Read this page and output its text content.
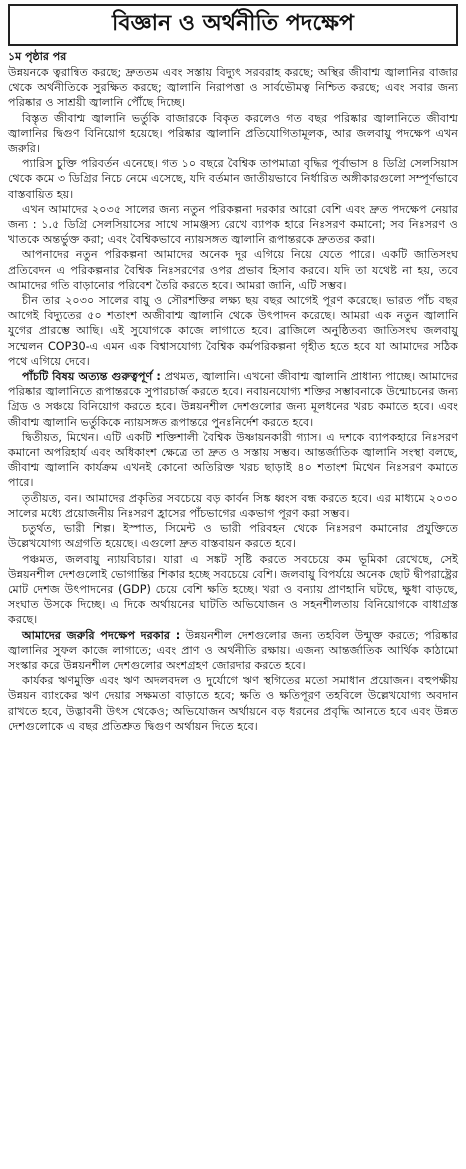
বিজ্ঞান ও অর্থনীতি পদক্ষেপ
১ম পৃষ্ঠার পর

উন্নয়নকে ত্বরান্বিত করছে; দ্রুততম এবং সস্তায় বিদ্যুৎ সরবরাহ করছে; অস্থির জীবাশ্ম জ্বালানির বাজার থেকে অর্থনীতিকে সুরক্ষিত করছে; জ্বালানি নিরাপত্তা ও সার্বভৌমত্ব নিশ্চিত করছে; এবং সবার জন্য পরিষ্কার ও সাশ্রয়ী জ্বালানি পৌঁছে দিচ্ছে।

বিস্তৃত জীবাশ্ম জ্বালানি ভর্তুকি বাজারকে বিকৃত করলেও গত বছর পরিষ্কার জ্বালানিতে জীবাশ্ম জ্বালানির দ্বিগুণ বিনিয়োগ হয়েছে। পরিষ্কার জ্বালানি প্রতিযোগিতামূলক, আর জলবায়ু পদক্ষেপ এখন জরুরি।

প্যারিস চুক্তি পরিবর্তন এনেছে। গত ১০ বছরে বৈশ্বিক তাপমাত্রা বৃদ্ধির পূর্বাভাস ৪ ডিগ্রি সেলসিয়াস থেকে কমে ৩ ডিগ্রির নিচে নেমে এসেছে, যদি বর্তমান জাতীয়ভাবে নির্ধারিত অঙ্গীকারগুলো সম্পূর্ণভাবে বাস্তবায়িত হয়।

এখন আমাদের ২০৩৫ সালের জন্য নতুন পরিকল্পনা দরকার আরো বেশি এবং দ্রুত পদক্ষেপ নেয়ার জন্য : ১.৫ ডিগ্রি সেলসিয়াসের সাথে সামঞ্জস্য রেখে ব্যাপক হারে নিঃসরণ কমানো; সব নিঃসরণ ও খাতকে অন্তর্ভুক্ত করা; এবং বৈশ্বিকভাবে ন্যায়সঙ্গত জ্বালানি রূপান্তরকে দ্রুততর করা।

আপনাদের নতুন পরিকল্পনা আমাদের অনেক দূর এগিয়ে নিয়ে যেতে পারে। একটি জাতিসংঘ প্রতিবেদন এ পরিকল্পনার বৈশ্বিক নিঃসরণের ওপর প্রভাব হিসাব করবে। যদি তা যথেষ্ট না হয়, তবে আমাদের গতি বাড়ানোর পরিবেশ তৈরি করতে হবে। আমরা জানি, এটি সম্ভব।

চীন তার ২০৩০ সালের বায়ু ও সৌরশক্তির লক্ষ্য ছয় বছর আগেই পূরণ করেছে। ভারত পাঁচ বছর আগেই বিদ্যুতের ৫০ শতাংশ অজীবাশ্ম জ্বালানি থেকে উৎপাদন করেছে। আমরা এক নতুন জ্বালানি যুগের প্রারম্ভে আছি। এই সুযোগকে কাজে লাগাতে হবে। ব্রাজিলে অনুষ্ঠিতব্য জাতিসংঘ জলবায়ু সম্মেলন COP30-এ এমন এক বিশ্বাসযোগ্য বৈশ্বিক কর্মপরিকল্পনা গৃহীত হতে হবে যা আমাদের সঠিক পথে এগিয়ে দেবে।

পাঁচটি বিষয় অত্যন্ত গুরুত্বপূর্ণ : প্রথমত, জ্বালানি। এখনো জীবাশ্ম জ্বালানি প্রাধান্য পাচ্ছে। আমাদের পরিষ্কার জ্বালানিতে রূপান্তরকে সুপারচার্জ করতে হবে। নবায়নযোগ্য শক্তির সম্ভাবনাকে উন্মোচনের জন্য গ্রিড ও সঞ্চয়ে বিনিয়োগ করতে হবে। উন্নয়নশীল দেশগুলোর জন্য মূলধনের খরচ কমাতে হবে। এবং জীবাশ্ম জ্বালানি ভর্তুকিকে ন্যায়সঙ্গত রূপান্তরে পুনঃনির্দেশ করতে হবে।

দ্বিতীয়ত, মিথেন। এটি একটি শক্তিশালী বৈশ্বিক উষ্ণায়নকারী গ্যাস। এ দশকে ব্যাপকহারে নিঃসরণ কমানো অপরিহার্য এবং অধিকাংশ ক্ষেত্রে তা দ্রুত ও সস্তায় সম্ভব। আন্তর্জাতিক জ্বালানি সংস্থা বলছে, জীবাশ্ম জ্বালানি কার্যক্রম এখনই কোনো অতিরিক্ত খরচ ছাড়াই ৪০ শতাংশ মিথেন নিঃসরণ কমাতে পারে।

তৃতীয়ত, বন। আমাদের প্রকৃতির সবচেয়ে বড় কার্বন সিঙ্ক ধ্বংস বন্ধ করতে হবে। এর মাধ্যমে ২০৩০ সালের মধ্যে প্রয়োজনীয় নিঃসরণ হ্রাসের পাঁচভাগের একভাগ পূরণ করা সম্ভব।

চতুর্থত, ভারী শিল্প। ইস্পাত, সিমেন্ট ও ভারী পরিবহন থেকে নিঃসরণ কমানোর প্রযুক্তিতে উল্লেখযোগ্য অগ্রগতি হয়েছে। এগুলো দ্রুত বাস্তবায়ন করতে হবে।

পঞ্চমত, জলবায়ু ন্যায়বিচার। যারা এ সঙ্কট সৃষ্টি করতে সবচেয়ে কম ভূমিকা রেখেছে, সেই উন্নয়নশীল দেশগুলোই ভোগান্তির শিকার হচ্ছে সবচেয়ে বেশি। জলবায়ু বিপর্যয়ে অনেক ছোট দ্বীপরাষ্ট্রের মোট দেশজ উৎপাদনের (GDP) চেয়ে বেশি ক্ষতি হচ্ছে। খরা ও বন্যায় প্রাণহানি ঘটছে, ক্ষুধা বাড়ছে, সংঘাত উসকে দিচ্ছে। এ দিকে অর্থায়নের ঘাটতি অভিযোজন ও সহনশীলতায় বিনিয়োগকে বাধাগ্রস্ত করছে।

আমাদের জরুরি পদক্ষেপ দরকার : উন্নয়নশীল দেশগুলোর জন্য তহবিল উন্মুক্ত করতে; পরিষ্কার জ্বালানির সুফল কাজে লাগাতে; এবং প্রাণ ও অর্থনীতি রক্ষায়। এজন্য আন্তর্জাতিক আর্থিক কাঠামো সংস্কার করে উন্নয়নশীল দেশগুলোর অংশগ্রহণ জোরদার করতে হবে।

কার্যকর ঋণমুক্তি এবং ঋণ অদলবদল ও দুর্যোগে ঋণ স্থগিতের মতো সমাধান প্রয়োজন। বহুপক্ষীয় উন্নয়ন ব্যাংকের ঋণ দেয়ার সক্ষমতা বাড়াতে হবে; ক্ষতি ও ক্ষতিপূরণ তহবিলে উল্লেখযোগ্য অবদান রাখতে হবে, উদ্ভাবনী উৎস থেকেও; অভিযোজন অর্থায়নে বড় ধরনের প্রবৃদ্ধি আনতে হবে এবং উন্নত দেশগুলোকে এ বছর প্রতিশ্রুত দ্বিগুণ অর্থায়ন দিতে হবে।
